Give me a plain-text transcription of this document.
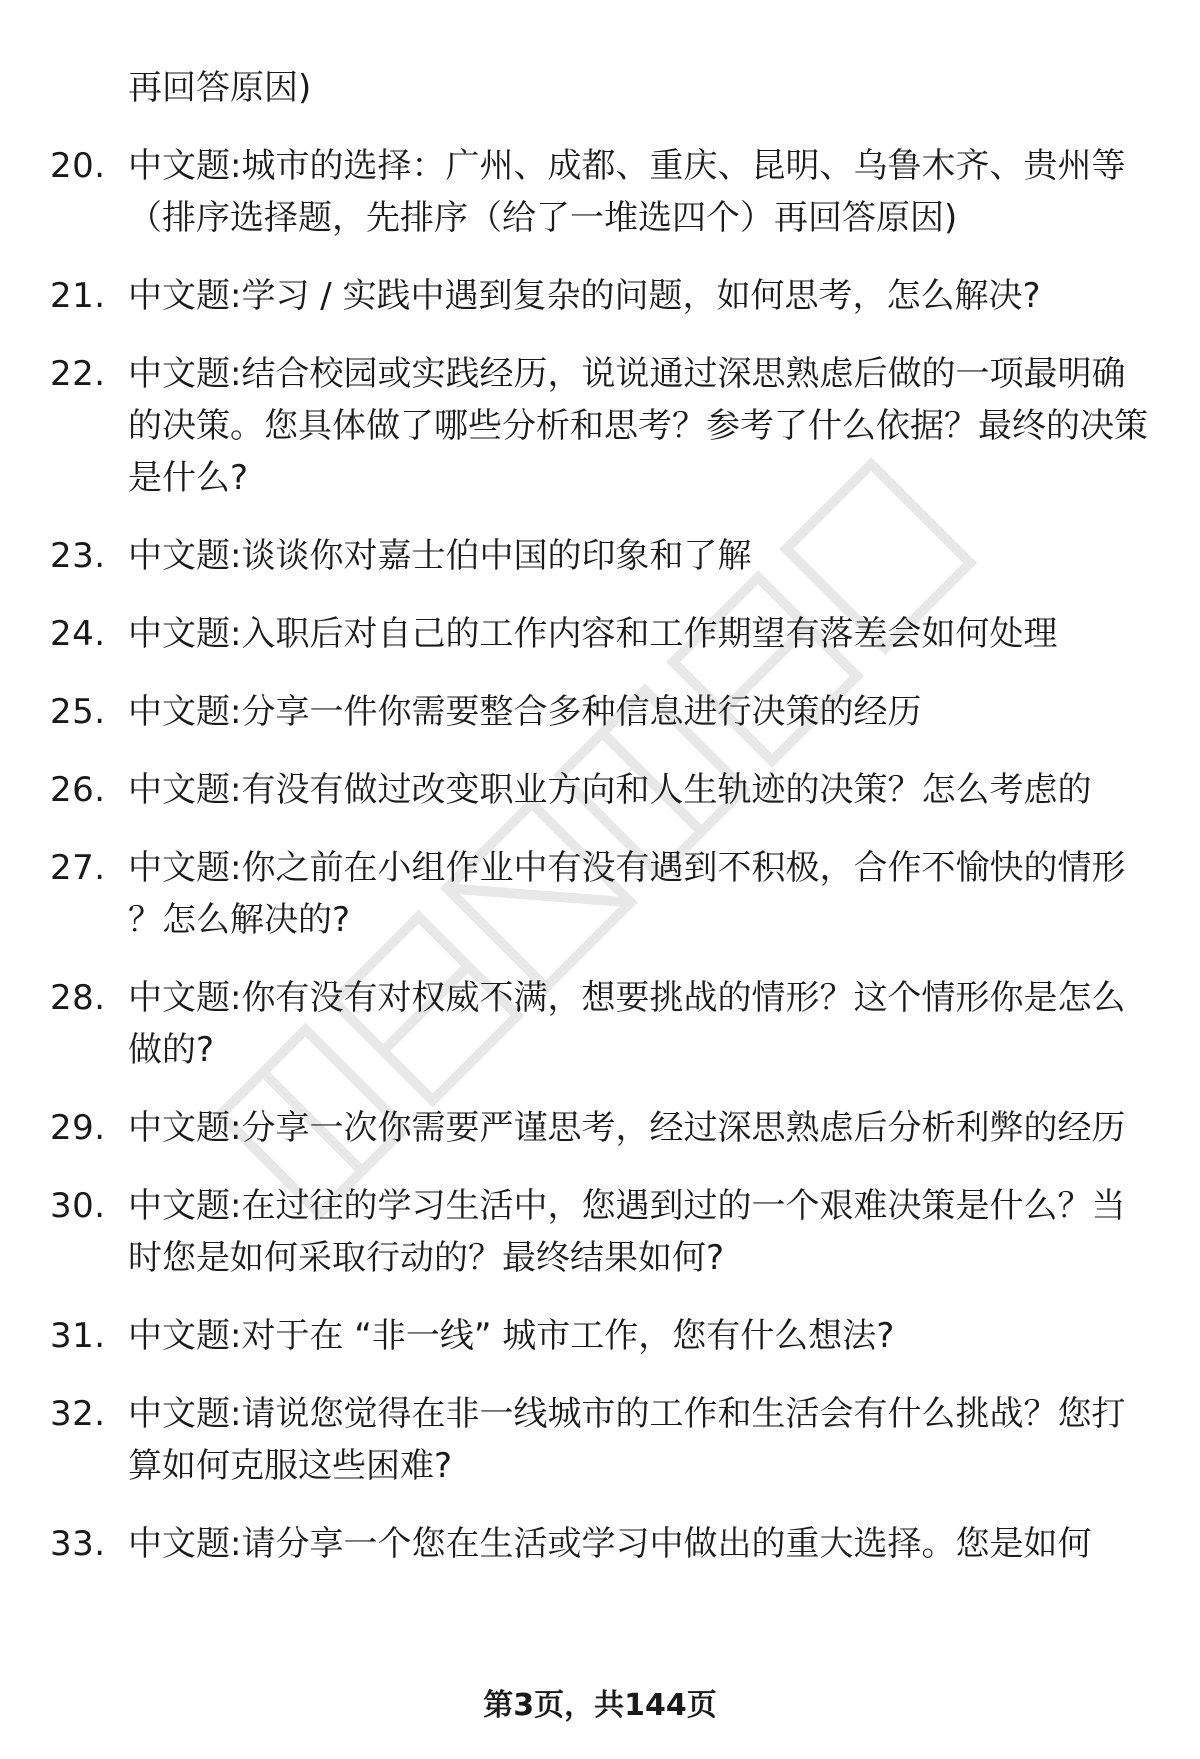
再回答原因)
20. 中文题:城市的选择：广州、成都、重庆、昆明、乌鲁木齐、贵州等（排序选择题，先排序（给了一堆选四个）再回答原因)
21. 中文题:学习 / 实践中遇到复杂的问题，如何思考，怎么解决?
22. 中文题:结合校园或实践经历，说说通过深思熟虑后做的一项最明确的决策。您具体做了哪些分析和思考？参考了什么依据？最终的决策是什么?
23. 中文题:谈谈你对嘉士伯中国的印象和了解
24. 中文题:入职后对自己的工作内容和工作期望有落差会如何处理
25. 中文题:分享一件你需要整合多种信息进行决策的经历
26. 中文题:有没有做过改变职业方向和人生轨迹的决策？怎么考虑的
27. 中文题:你之前在小组作业中有没有遇到不积极，合作不愉快的情形？怎么解决的?
28. 中文题:你有没有对权威不满，想要挑战的情形？这个情形你是怎么做的?
29. 中文题:分享一次你需要严谨思考，经过深思熟虑后分析利弊的经历
30. 中文题:在过往的学习生活中，您遇到过的一个艰难决策是什么？当时您是如何采取行动的？最终结果如何?
31. 中文题:对于在 “非一线” 城市工作，您有什么想法?
32. 中文题:请说您觉得在非一线城市的工作和生活会有什么挑战？您打算如何克服这些困难?
33. 中文题:请分享一个您在生活或学习中做出的重大选择。您是如何
第3页，共144页
